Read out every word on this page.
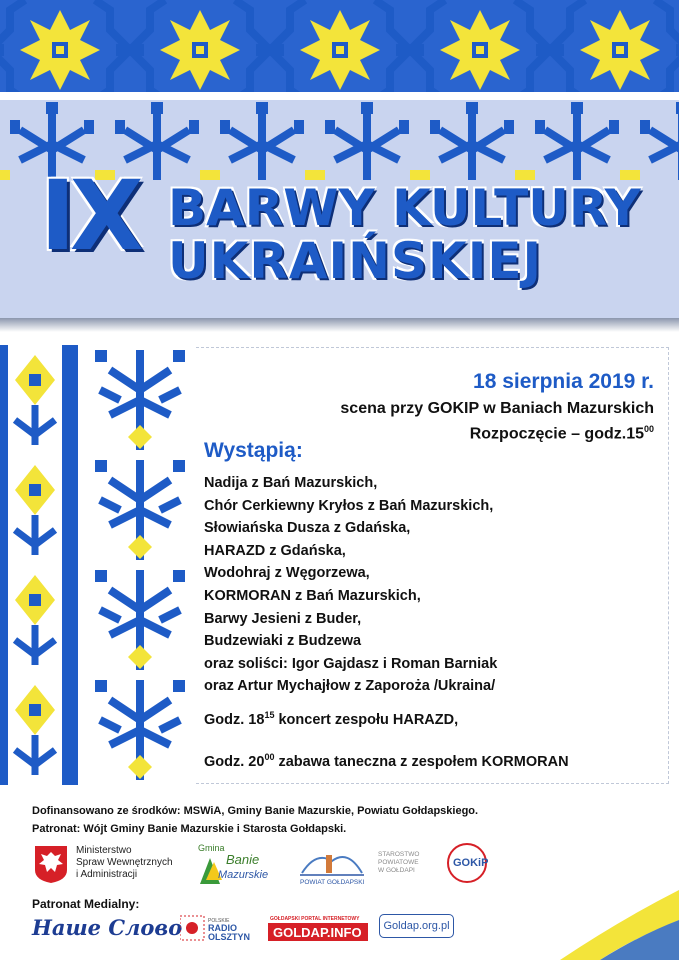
IX BARWY KULTURY
UKRAIŃSKIEJ
18 sierpnia 2019 r.
scena przy GOKIP w Baniach Mazurskich
Rozpoczęcie – $godz.15^{00}$
Wystąpią:
Nadija z Bań Mazurskich,
Chór Cerkiewny Kryłos z Bań Mazurskich,
Słowiańska Dusza z Gdańska,
HARAZD z Gdańska,
Wodohraj z Węgorzewa,
KORMORAN z Bań Mazurskich,
Barwy Jesieni z Buder,
Budzewiaki z Budzewa
oraz soliści: Igor Gajdasz i Roman Barniak
oraz Artur Mychajłow z Zaporoża /Ukraina/
Godz. $18^{15}$ koncert zespołu HARAZD,
Godz. $20^{00}$ zabawa taneczna z zespołem KORMORAN
Dofinansowano ze środków: MSWiA, Gminy Banie Mazurskie, Powiatu Gołdapskiego.
Patronat: Wójt Gminy Banie Mazurskie i Starosta Gołdapski.
Ministerstwo
Spraw Wewnętrznych
i Administracji
Gmina
Banie
Mazurskie
POWIAT GOŁDAPSKI
STAROSTWO
POWIATOWE
W GOŁDAPI
GOKiP
Patronat Medialny:
Наше Слово	POLSKIE
RADIO
OLSZTYN
GOŁDAPSKI PORTAL INTERNETOWY
GOLDAP.INFO	Goldap.org.pl
